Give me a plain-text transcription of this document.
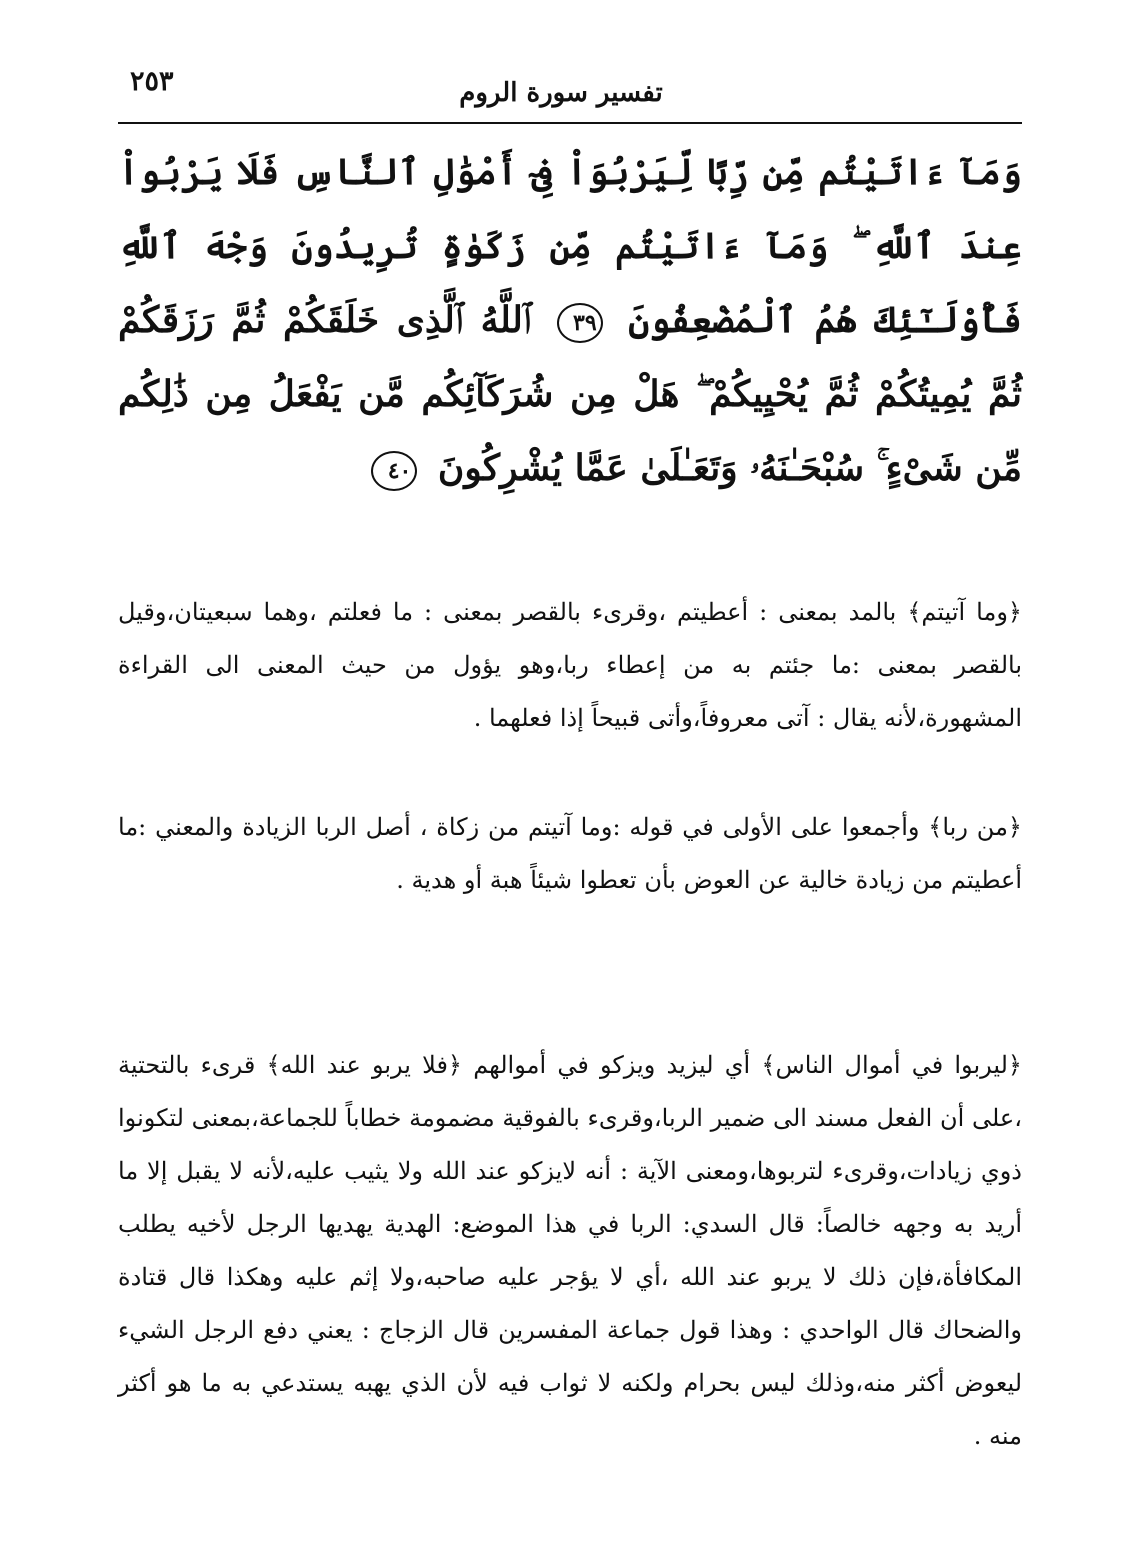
٢٥٣	تفسير سورة الروم
وَمَآ ءَاتَيْتُم مِّن رِّبًا لِّيَرْبُوَاْ فِىٓ أَمْوَٰلِ ٱلنَّاسِ فَلَا يَرْبُواْ عِندَ ٱللَّهِ ۖ وَمَآ ءَاتَيْتُم مِّن زَكَوٰةٍ تُرِيدُونَ وَجْهَ ٱللَّهِ فَأُوْلَـٰٓئِكَ هُمُ ٱلْمُضْعِفُونَ ٣٩ ٱللَّهُ ٱلَّذِى خَلَقَكُمْ ثُمَّ رَزَقَكُمْ ثُمَّ يُمِيتُكُمْ ثُمَّ يُحْيِيكُمْ ۖ هَلْ مِن شُرَكَآئِكُم مَّن يَفْعَلُ مِن ذَٰلِكُم مِّن شَىْءٍ ۚ سُبْحَـٰنَهُۥ وَتَعَـٰلَىٰ عَمَّا يُشْرِكُونَ ٤٠

﴿وما آتيتم﴾ بالمد بمعنى : أعطيتم ،وقرىء بالقصر بمعنى : ما فعلتم ،وهما سبعيتان،وقيل بالقصر بمعنى :ما جئتم به من إعطاء ربا،وهو يؤول من حيث المعنى الى القراءة المشهورة،لأنه يقال : آتى معروفاً،وأتى قبيحاً إذا فعلهما .

﴿من ربا﴾ وأجمعوا على الأولى في قوله :وما آتيتم من زكاة ، أصل الربا الزيادة والمعني :ما أعطيتم من زيادة خالية عن العوض بأن تعطوا شيئاً هبة أو هدية .

﴿ليربوا في أموال الناس﴾ أي ليزيد ويزكو في أموالهم ﴿فلا يربو عند الله﴾ قرىء بالتحتية ،على أن الفعل مسند الى ضمير الربا،وقرىء بالفوقية مضمومة خطاباً للجماعة،بمعنى لتكونوا ذوي زيادات،وقرىء لتربوها،ومعنى الآية : أنه لايزكو عند الله ولا يثيب عليه،لأنه لا يقبل إلا ما أريد به وجهه خالصاً: قال السدي: الربا في هذا الموضع: الهدية يهديها الرجل لأخيه يطلب المكافأة،فإن ذلك لا يربو عند الله ،أي لا يؤجر عليه صاحبه،ولا إثم عليه وهكذا قال قتادة والضحاك قال الواحدي : وهذا قول جماعة المفسرين قال الزجاج : يعني دفع الرجل الشيء ليعوض أكثر منه،وذلك ليس بحرام ولكنه لا ثواب فيه لأن الذي يهبه يستدعي به ما هو أكثر منه .
